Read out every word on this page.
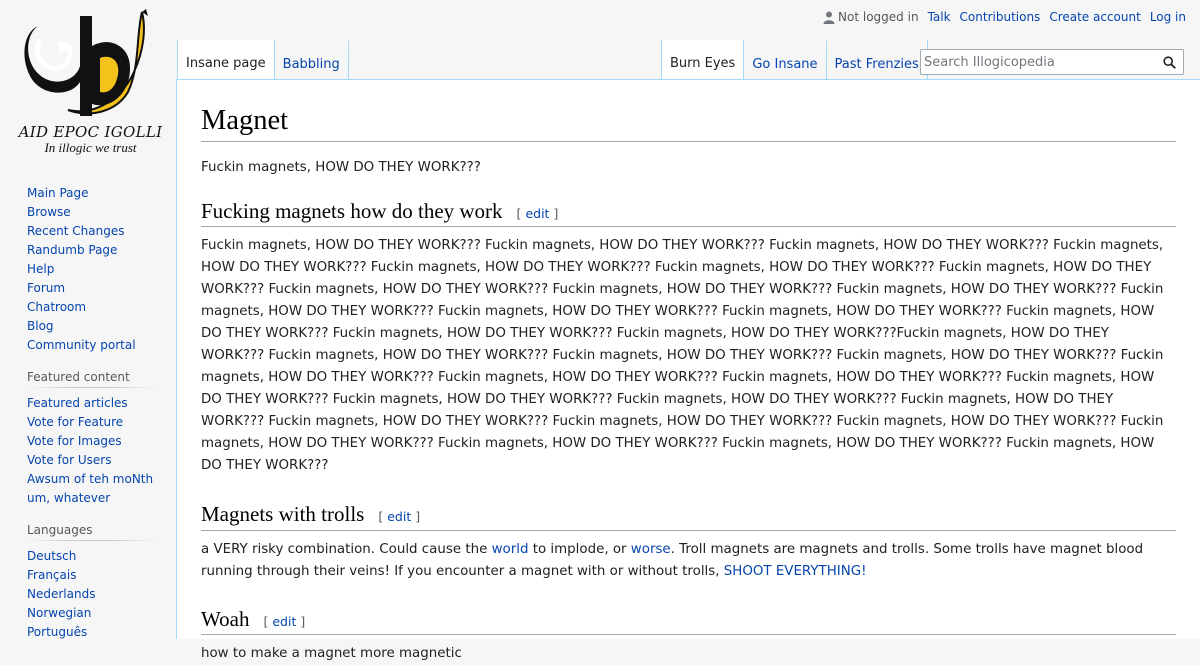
AID EPOC IGOLLI
In illogic we trust
Not logged in Talk Contributions Create account Log in
Insane page Babbling	Burn Eyes Go Insane Past Frenzies
Search Illogicopedia
Main Page
Browse
Recent Changes
Randumb Page
Help
Forum
Chatroom
Blog
Community portal
Featured content
Featured articles
Vote for Feature
Vote for Images
Vote for Users
Awsum of teh moNth
um, whatever
Languages
Deutsch
Français
Nederlands
Norwegian
Português
Magnet

Fuckin magnets, HOW DO THEY WORK???

Fucking magnets how do they work [ edit ]

Fuckin magnets, HOW DO THEY WORK??? Fuckin magnets, HOW DO THEY WORK??? Fuckin magnets, HOW DO THEY WORK??? Fuckin magnets, HOW DO THEY WORK??? Fuckin magnets, HOW DO THEY WORK??? Fuckin magnets, HOW DO THEY WORK??? Fuckin magnets, HOW DO THEY WORK??? Fuckin magnets, HOW DO THEY WORK??? Fuckin magnets, HOW DO THEY WORK??? Fuckin magnets, HOW DO THEY WORK??? Fuckin magnets, HOW DO THEY WORK??? Fuckin magnets, HOW DO THEY WORK??? Fuckin magnets, HOW DO THEY WORK??? Fuckin magnets, HOW DO THEY WORK??? Fuckin magnets, HOW DO THEY WORK??? Fuckin magnets, HOW DO THEY WORK???Fuckin magnets, HOW DO THEY WORK??? Fuckin magnets, HOW DO THEY WORK??? Fuckin magnets, HOW DO THEY WORK??? Fuckin magnets, HOW DO THEY WORK??? Fuckin magnets, HOW DO THEY WORK??? Fuckin magnets, HOW DO THEY WORK??? Fuckin magnets, HOW DO THEY WORK??? Fuckin magnets, HOW DO THEY WORK??? Fuckin magnets, HOW DO THEY WORK??? Fuckin magnets, HOW DO THEY WORK??? Fuckin magnets, HOW DO THEY WORK??? Fuckin magnets, HOW DO THEY WORK??? Fuckin magnets, HOW DO THEY WORK??? Fuckin magnets, HOW DO THEY WORK??? Fuckin magnets, HOW DO THEY WORK??? Fuckin magnets, HOW DO THEY WORK??? Fuckin magnets, HOW DO THEY WORK??? Fuckin magnets, HOW DO THEY WORK???

Magnets with trolls [ edit ]

a VERY risky combination. Could cause the world to implode, or worse. Troll magnets are magnets and trolls. Some trolls have magnet blood running through their veins! If you encounter a magnet with or without trolls, SHOOT EVERYTHING!

Woah [ edit ]

how to make a magnet more magnetic
